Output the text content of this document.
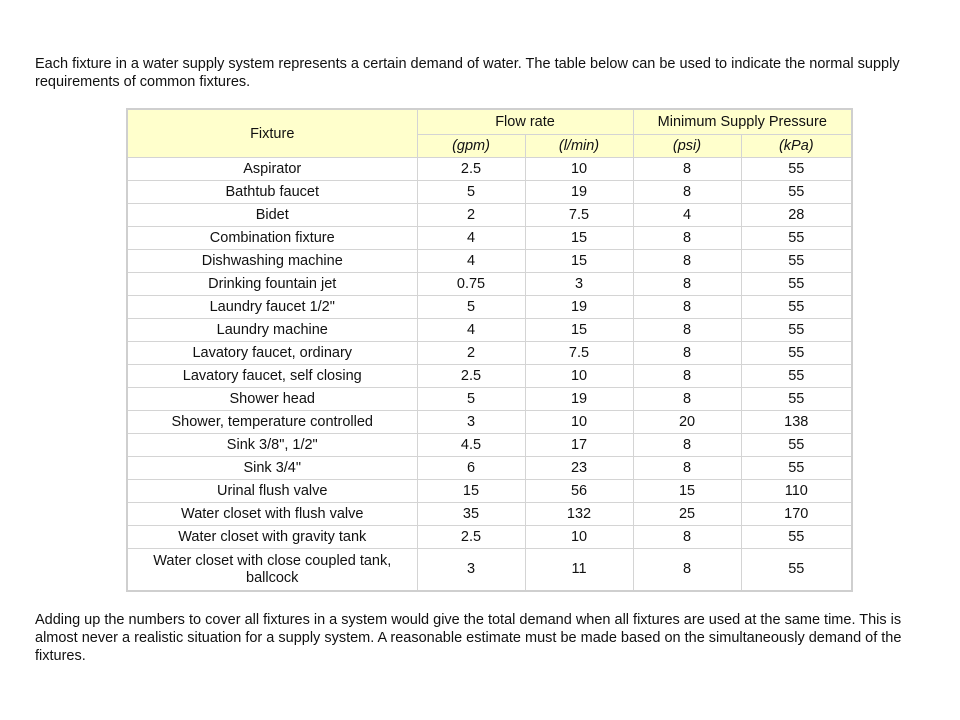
Each fixture in a water supply system represents a certain demand of water. The table below can be used to indicate the normal supply requirements of common fixtures.

Fixture	Flow rate		Minimum Supply Pressure	
	(gpm)	(l/min)	(psi)	(kPa)
Aspirator	2.5	10	8	55
Bathtub faucet	5	19	8	55
Bidet	2	7.5	4	28
Combination fixture	4	15	8	55
Dishwashing machine	4	15	8	55
Drinking fountain jet	0.75	3	8	55
Laundry faucet 1/2"	5	19	8	55
Laundry machine	4	15	8	55
Lavatory faucet, ordinary	2	7.5	8	55
Lavatory faucet, self closing	2.5	10	8	55
Shower head	5	19	8	55
Shower, temperature controlled	3	10	20	138
Sink 3/8", 1/2"	4.5	17	8	55
Sink 3/4"	6	23	8	55
Urinal flush valve	15	56	15	110
Water closet with flush valve	35	132	25	170
Water closet with gravity tank	2.5	10	8	55
Water closet with close coupled tank, ballcock	3	11	8	55

Adding up the numbers to cover all fixtures in a system would give the total demand when all fixtures are used at the same time. This is almost never a realistic situation for a supply system. A reasonable estimate must be made based on the simultaneously demand of the fixtures.
